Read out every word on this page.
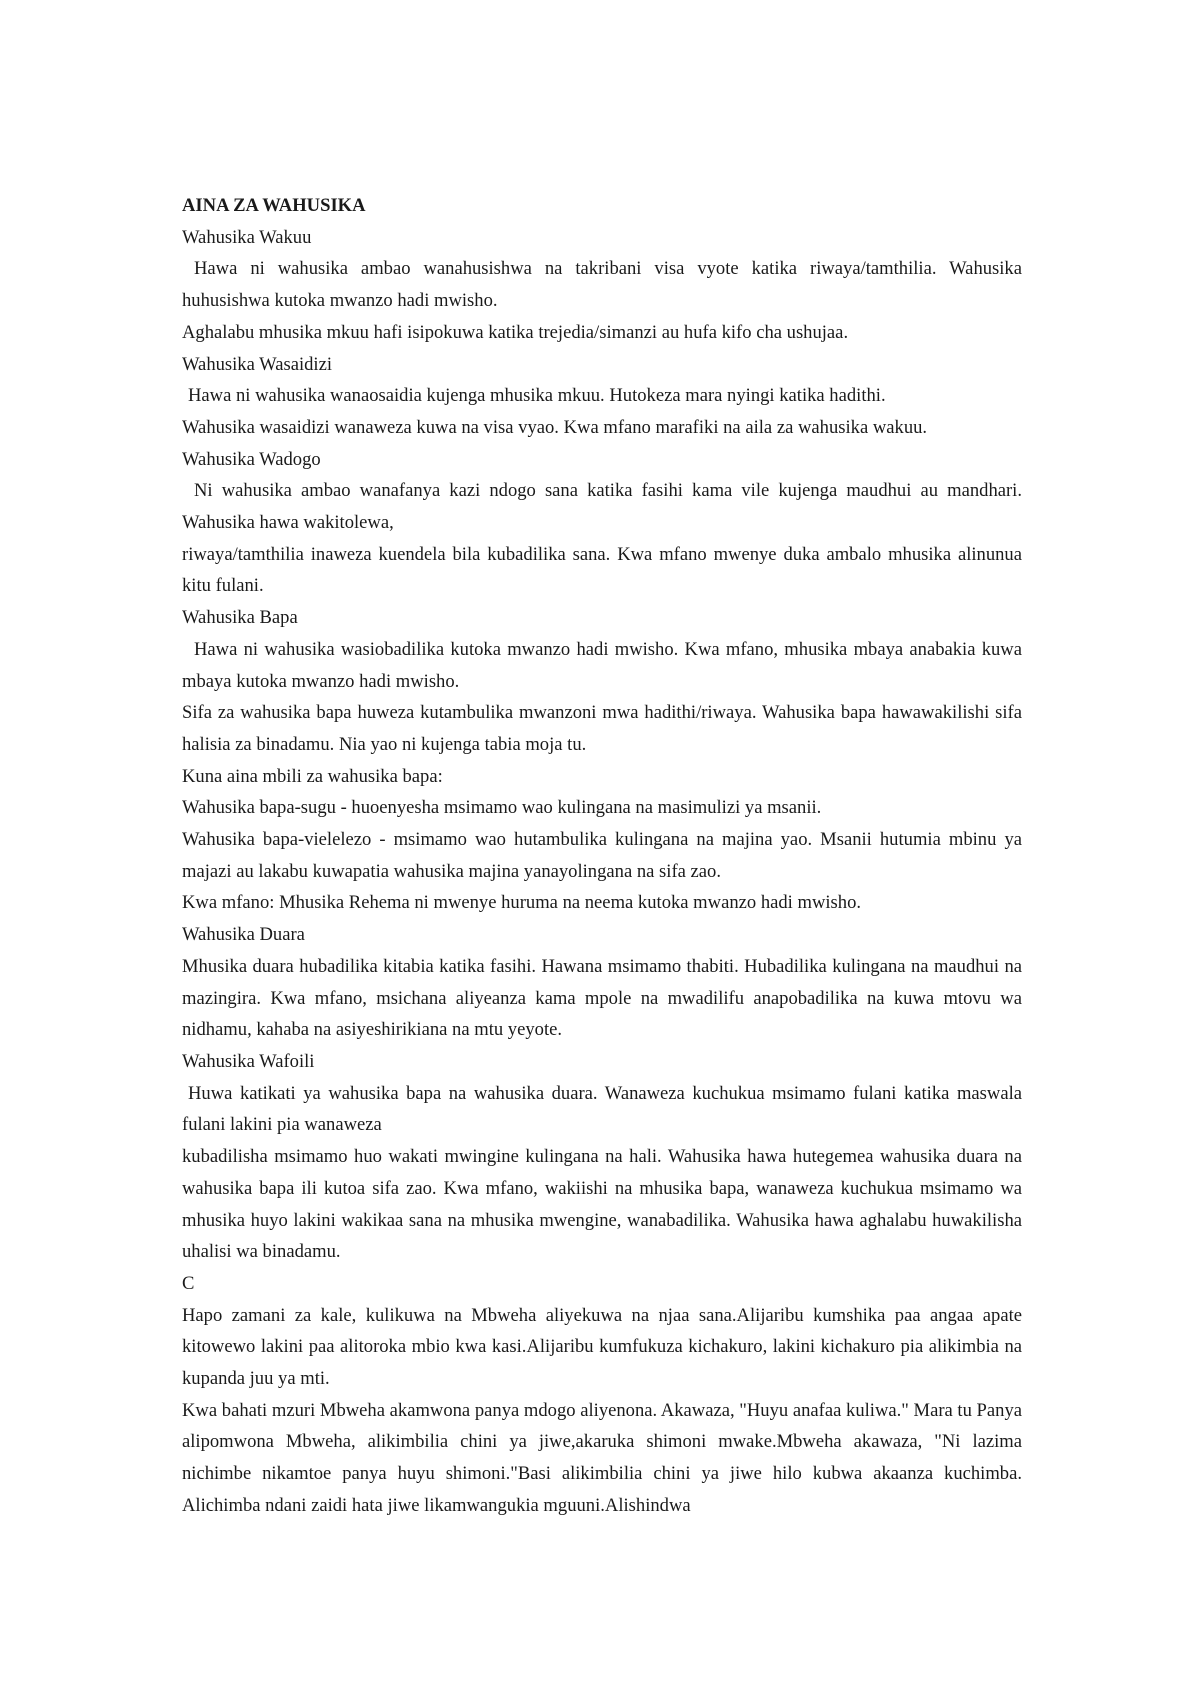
AINA ZA WAHUSIKA

Wahusika Wakuu

Hawa ni wahusika ambao wanahusishwa na takribani visa vyote katika riwaya/tamthilia. Wahusika huhusishwa kutoka mwanzo hadi mwisho.

Aghalabu mhusika mkuu hafi isipokuwa katika trejedia/simanzi au hufa kifo cha ushujaa.

Wahusika Wasaidizi

Hawa ni wahusika wanaosaidia kujenga mhusika mkuu. Hutokeza mara nyingi katika hadithi.

Wahusika wasaidizi wanaweza kuwa na visa vyao. Kwa mfano marafiki na aila za wahusika wakuu.

Wahusika Wadogo

Ni wahusika ambao wanafanya kazi ndogo sana katika fasihi kama vile kujenga maudhui au mandhari. Wahusika hawa wakitolewa,

riwaya/tamthilia inaweza kuendela bila kubadilika sana. Kwa mfano mwenye duka ambalo mhusika alinunua kitu fulani.

Wahusika Bapa

Hawa ni wahusika wasiobadilika kutoka mwanzo hadi mwisho. Kwa mfano, mhusika mbaya anabakia kuwa mbaya kutoka mwanzo hadi mwisho.

Sifa za wahusika bapa huweza kutambulika mwanzoni mwa hadithi/riwaya. Wahusika bapa hawawakilishi sifa halisia za binadamu. Nia yao ni kujenga tabia moja tu.

Kuna aina mbili za wahusika bapa:

Wahusika bapa-sugu - huoenyesha msimamo wao kulingana na masimulizi ya msanii.

Wahusika bapa-vielelezo - msimamo wao hutambulika kulingana na majina yao. Msanii hutumia mbinu ya majazi au lakabu kuwapatia wahusika majina yanayolingana na sifa zao.

Kwa mfano: Mhusika Rehema ni mwenye huruma na neema kutoka mwanzo hadi mwisho.

Wahusika Duara

Mhusika duara hubadilika kitabia katika fasihi. Hawana msimamo thabiti. Hubadilika kulingana na maudhui na mazingira. Kwa mfano, msichana aliyeanza kama mpole na mwadilifu anapobadilika na kuwa mtovu wa nidhamu, kahaba na asiyeshirikiana na mtu yeyote.

Wahusika Wafoili

Huwa katikati ya wahusika bapa na wahusika duara. Wanaweza kuchukua msimamo fulani katika maswala fulani lakini pia wanaweza

kubadilisha msimamo huo wakati mwingine kulingana na hali. Wahusika hawa hutegemea wahusika duara na wahusika bapa ili kutoa sifa zao. Kwa mfano, wakiishi na mhusika bapa, wanaweza kuchukua msimamo wa mhusika huyo lakini wakikaa sana na mhusika mwengine, wanabadilika. Wahusika hawa aghalabu huwakilisha uhalisi wa binadamu.

C

Hapo zamani za kale, kulikuwa na Mbweha aliyekuwa na njaa sana.Alijaribu kumshika paa angaa apate kitowewo lakini paa alitoroka mbio kwa kasi.Alijaribu kumfukuza kichakuro, lakini kichakuro pia alikimbia na kupanda juu ya mti.

Kwa bahati mzuri Mbweha akamwona panya mdogo aliyenona. Akawaza, "Huyu anafaa kuliwa." Mara tu Panya alipomwona Mbweha, alikimbilia chini ya jiwe,akaruka shimoni mwake.Mbweha akawaza, "Ni lazima nichimbe nikamtoe panya huyu shimoni."Basi alikimbilia chini ya jiwe hilo kubwa akaanza kuchimba. Alichimba ndani zaidi hata jiwe likamwangukia mguuni.Alishindwa
